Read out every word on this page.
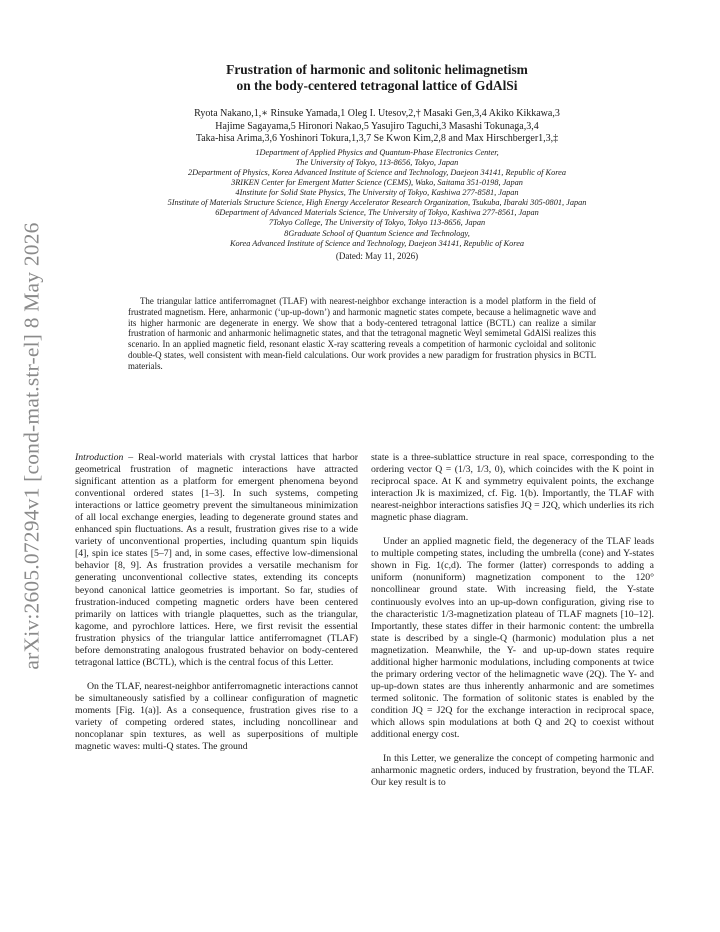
arXiv:2605.07294v1 [cond-mat.str-el] 8 May 2026

Frustration of harmonic and solitonic helimagnetism
on the body-centered tetragonal lattice of GdAlSi

Ryota Nakano,1,∗ Rinsuke Yamada,1 Oleg I. Utesov,2,† Masaki Gen,3,4 Akiko Kikkawa,3
Hajime Sagayama,5 Hironori Nakao,5 Yasujiro Taguchi,3 Masashi Tokunaga,3,4
Taka-hisa Arima,3,6 Yoshinori Tokura,1,3,7 Se Kwon Kim,2,8 and Max Hirschberger1,3,‡
1Department of Applied Physics and Quantum-Phase Electronics Center,
The University of Tokyo, 113-8656, Tokyo, Japan
2Department of Physics, Korea Advanced Institute of Science and Technology, Daejeon 34141, Republic of Korea
3RIKEN Center for Emergent Matter Science (CEMS), Wako, Saitama 351-0198, Japan
4Institute for Solid State Physics, The University of Tokyo, Kashiwa 277-8581, Japan
5Institute of Materials Structure Science, High Energy Accelerator Research Organization, Tsukuba, Ibaraki 305-0801, Japan
6Department of Advanced Materials Science, The University of Tokyo, Kashiwa 277-8561, Japan
7Tokyo College, The University of Tokyo, Tokyo 113-8656, Japan
8Graduate School of Quantum Science and Technology,
Korea Advanced Institute of Science and Technology, Daejeon 34141, Republic of Korea
(Dated: May 11, 2026)

The triangular lattice antiferromagnet (TLAF) with nearest-neighbor exchange interaction is a model platform in the field of frustrated magnetism. Here, anharmonic (‘up-up-down’) and harmonic magnetic states compete, because a helimagnetic wave and its higher harmonic are degenerate in energy. We show that a body-centered tetragonal lattice (BCTL) can realize a similar frustration of harmonic and anharmonic helimagnetic states, and that the tetragonal magnetic Weyl semimetal GdAlSi realizes this scenario. In an applied magnetic field, resonant elastic X-ray scattering reveals a competition of harmonic cycloidal and solitonic double-Q states, well consistent with mean-field calculations. Our work provides a new paradigm for frustration physics in BCTL materials.

Introduction – Real-world materials with crystal lattices that harbor geometrical frustration of magnetic interactions have attracted significant attention as a platform for emergent phenomena beyond conventional ordered states [1–3]. In such systems, competing interactions or lattice geometry prevent the simultaneous minimization of all local exchange energies, leading to degenerate ground states and enhanced spin fluctuations. As a result, frustration gives rise to a wide variety of unconventional properties, including quantum spin liquids [4], spin ice states [5–7] and, in some cases, effective low-dimensional behavior [8, 9]. As frustration provides a versatile mechanism for generating unconventional collective states, extending its concepts beyond canonical lattice geometries is important. So far, studies of frustration-induced competing magnetic orders have been centered primarily on lattices with triangle plaquettes, such as the triangular, kagome, and pyrochlore lattices. Here, we first revisit the essential frustration physics of the triangular lattice antiferromagnet (TLAF) before demonstrating analogous frustrated behavior on body-centered tetragonal lattice (BCTL), which is the central focus of this Letter.

On the TLAF, nearest-neighbor antiferromagnetic interactions cannot be simultaneously satisfied by a collinear configuration of magnetic moments [Fig. 1(a)]. As a consequence, frustration gives rise to a variety of competing ordered states, including noncollinear and noncoplanar spin textures, as well as superpositions of multiple magnetic waves: multi-Q states. The ground

state is a three-sublattice structure in real space, corresponding to the ordering vector Q = (1/3, 1/3, 0), which coincides with the K point in reciprocal space. At K and symmetry equivalent points, the exchange interaction Jk is maximized, cf. Fig. 1(b). Importantly, the TLAF with nearest-neighbor interactions satisfies JQ = J2Q, which underlies its rich magnetic phase diagram.

Under an applied magnetic field, the degeneracy of the TLAF leads to multiple competing states, including the umbrella (cone) and Y-states shown in Fig. 1(c,d). The former (latter) corresponds to adding a uniform (nonuniform) magnetization component to the 120° noncollinear ground state. With increasing field, the Y-state continuously evolves into an up-up-down configuration, giving rise to the characteristic 1/3-magnetization plateau of TLAF magnets [10–12]. Importantly, these states differ in their harmonic content: the umbrella state is described by a single-Q (harmonic) modulation plus a net magnetization. Meanwhile, the Y- and up-up-down states require additional higher harmonic modulations, including components at twice the primary ordering vector of the helimagnetic wave (2Q). The Y- and up-up-down states are thus inherently anharmonic and are sometimes termed solitonic. The formation of solitonic states is enabled by the condition JQ = J2Q for the exchange interaction in reciprocal space, which allows spin modulations at both Q and 2Q to coexist without additional energy cost.

In this Letter, we generalize the concept of competing harmonic and anharmonic magnetic orders, induced by frustration, beyond the TLAF. Our key result is to
